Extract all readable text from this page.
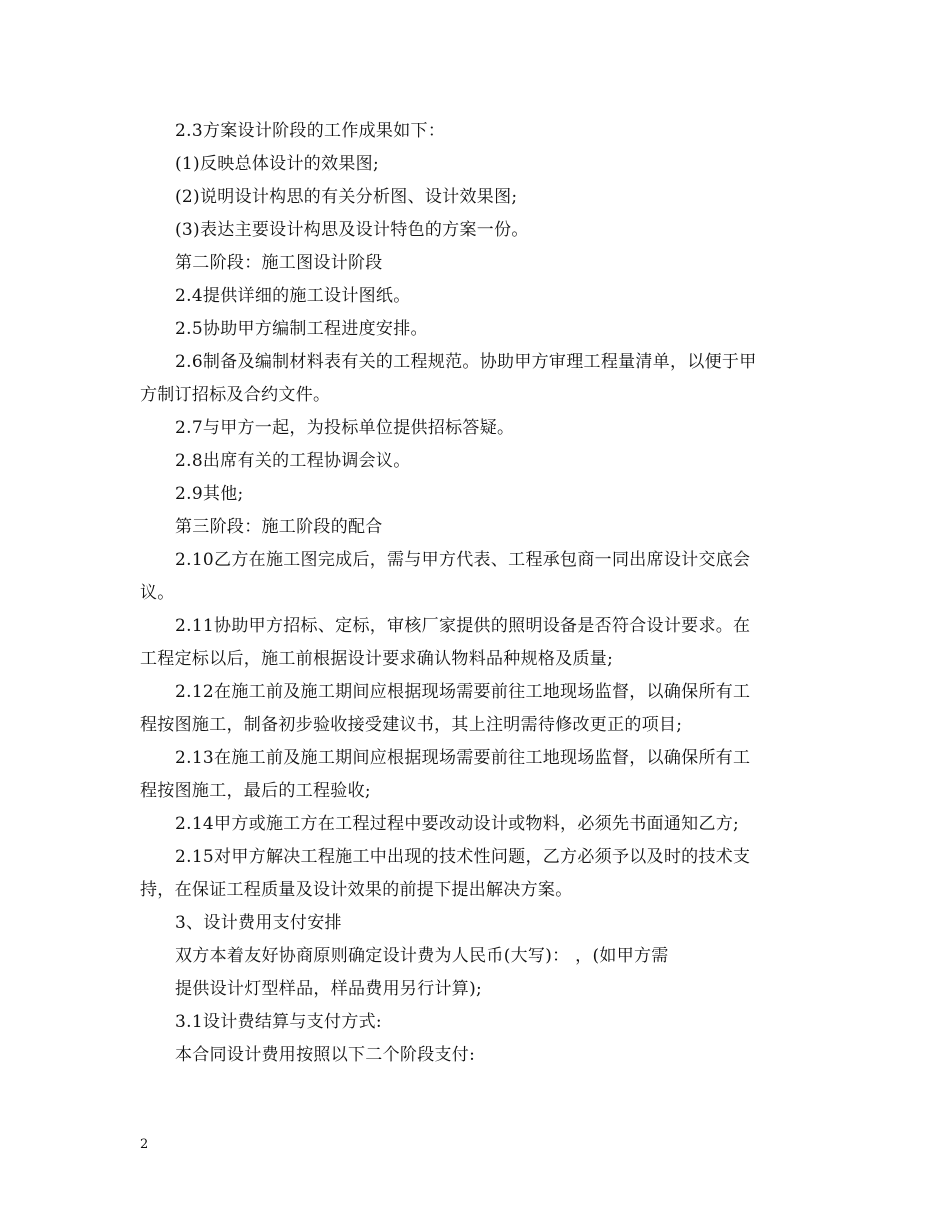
2.3方案设计阶段的工作成果如下：
(1)反映总体设计的效果图;
(2)说明设计构思的有关分析图、设计效果图;
(3)表达主要设计构思及设计特色的方案一份。
第二阶段：施工图设计阶段
2.4提供详细的施工设计图纸。
2.5协助甲方编制工程进度安排。
2.6制备及编制材料表有关的工程规范。协助甲方审理工程量清单，以便于甲
方制订招标及合约文件。
2.7与甲方一起，为投标单位提供招标答疑。
2.8出席有关的工程协调会议。
2.9其他;
第三阶段：施工阶段的配合
2.10乙方在施工图完成后，需与甲方代表、工程承包商一同出席设计交底会
议。
2.11协助甲方招标、定标，审核厂家提供的照明设备是否符合设计要求。在
工程定标以后，施工前根据设计要求确认物料品种规格及质量;
2.12在施工前及施工期间应根据现场需要前往工地现场监督，以确保所有工
程按图施工，制备初步验收接受建议书，其上注明需待修改更正的项目;
2.13在施工前及施工期间应根据现场需要前往工地现场监督，以确保所有工
程按图施工，最后的工程验收;
2.14甲方或施工方在工程过程中要改动设计或物料，必须先书面通知乙方;
2.15对甲方解决工程施工中出现的技术性问题，乙方必须予以及时的技术支
持，在保证工程质量及设计效果的前提下提出解决方案。
3、设计费用支付安排
双方本着友好协商原则确定设计费为人民币(大写)： ，(如甲方需
提供设计灯型样品，样品费用另行计算);
3.1设计费结算与支付方式:
本合同设计费用按照以下二个阶段支付:
2
